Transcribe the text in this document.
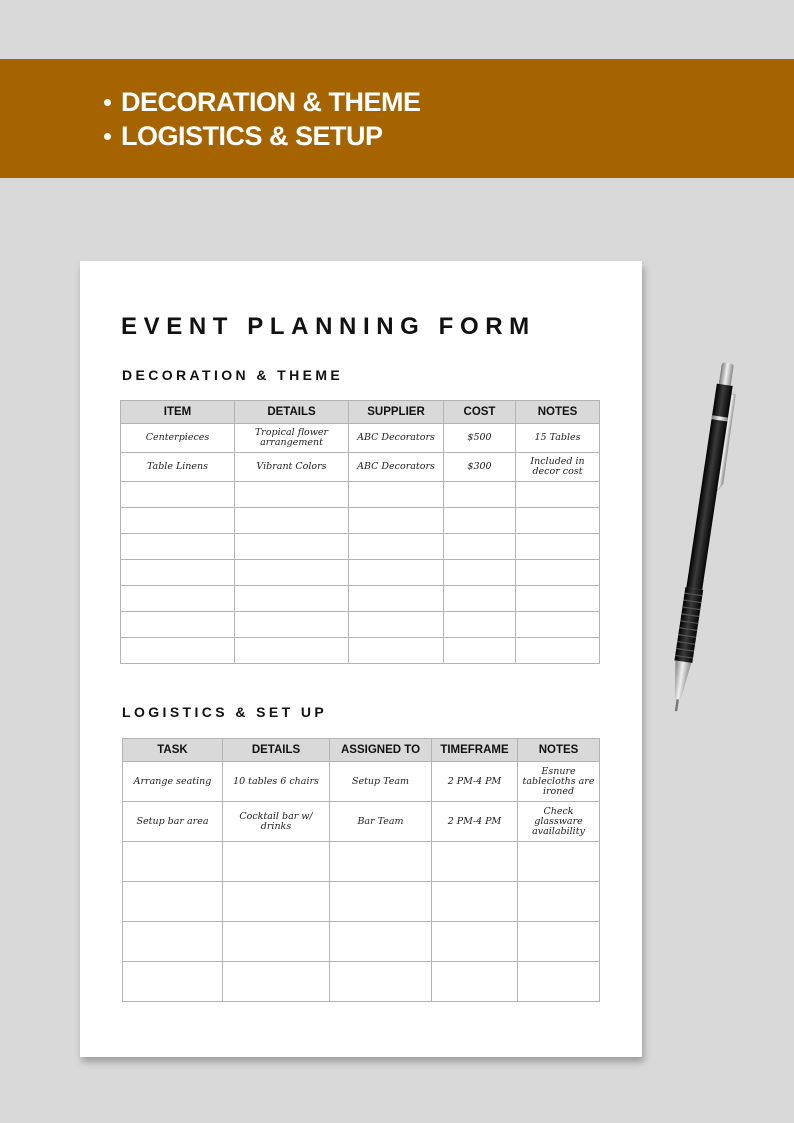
DECORATION & THEME
LOGISTICS & SETUP
EVENT PLANNING FORM
DECORATION & THEME
ITEM	DETAILS	SUPPLIER	COST	NOTES
Centerpieces	Tropical flower arrangement	ABC Decorators	$500	15 Tables
Table Linens	Vibrant Colors	ABC Decorators	$300	Included in decor cost

LOGISTICS & SET UP
TASK	DETAILS	ASSIGNED TO	TIMEFRAME	NOTES
Arrange seating	10 tables 6 chairs	Setup Team	2 PM-4 PM	Esnure tablecloths are ironed
Setup bar area	Cocktail bar w/ drinks	Bar Team	2 PM-4 PM	Check glassware availability
